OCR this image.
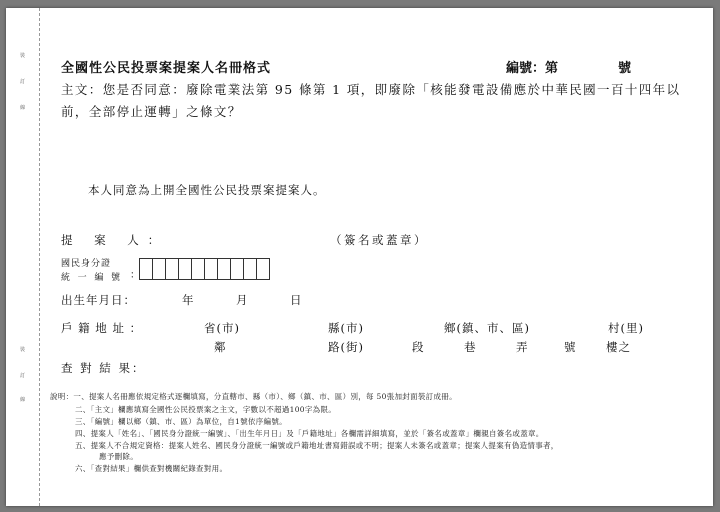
裝
訂
線
裝
訂
線
全國性公民投票案提案人名冊格式	編號：第	號
主文：您是否同意：廢除電業法第 95 條第 1 項，即廢除「核能發電設備應於中華民國一百十四年以
前，全部停止運轉」之條文？
本人同意為上開全國性公民投票案提案人。
提 案 人：	（簽名或蓋章）
國民身分證
統 一 編 號 ：
出生年月日：	年	月	日
戶 籍 地 址 ：	省(市)	縣(市)	鄉(鎮、市、區)	村(里)
鄰	路(街)	段	巷	弄	號	樓之
查 對 結 果：
說明：一、提案人名冊應依規定格式逐欄填寫，分直轄市、縣（市）、鄉（鎮、市、區）別，每 50張加封面裝訂成冊。
二、「主文」欄應填寫全國性公民投票案之主文，字數以不超過100字為限。
三、「編號」欄以鄉（鎮、市、區）為單位，自1號依序編號。
四、提案人「姓名」、「國民身分證統一編號」、「出生年月日」及「戶籍地址」各欄需詳細填寫，並於「簽名或蓋章」欄親自簽名或蓋章。
五、提案人不合規定資格：提案人姓名、國民身分證統一編號或戶籍地址書寫錯誤或不明；提案人未簽名或蓋章；提案人提案有偽造情事者，
應予刪除。
六、「查對結果」欄供查對機關紀錄查對用。
